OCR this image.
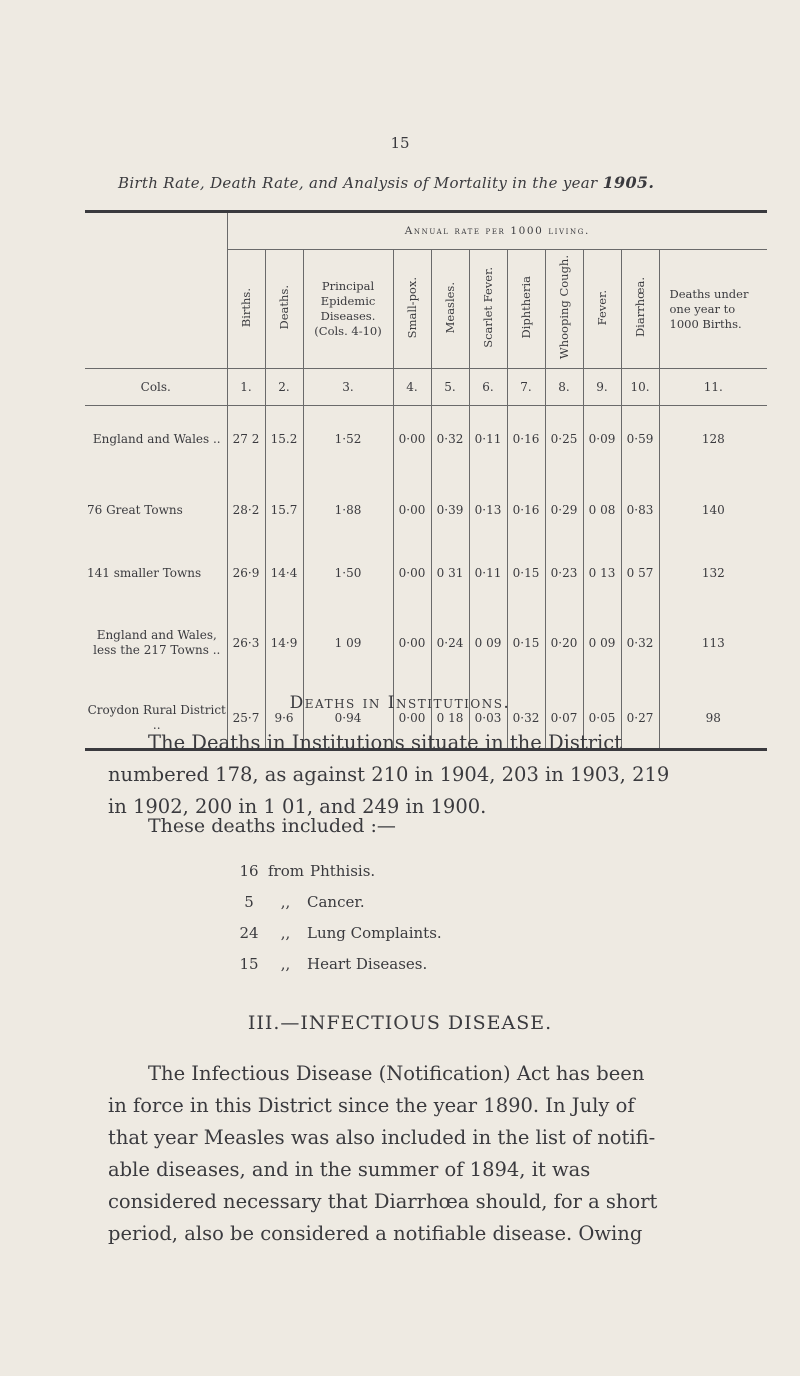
15
Birth Rate, Death Rate, and Analysis of Mortality in the year 1905.
	Annual rate per 1000 living.										
	Births.	Deaths.	Principal Epidemic Diseases. (Cols. 4-10)	Small-pox.	Measles.	Scarlet Fever.	Diphtheria	Whooping Cough.	Fever.	Diarrhœa.	Deaths under one year to 1000 Births.

Cols.	1.	2.	3.	4.	5.	6.	7.	8.	9.	10.	11.
England and Wales ..	27 2	15.2	1·52	0·00	0·32	0·11	0·16	0·25	0·09	0·59	128
76 Great Towns	28·2	15.7	1·88	0·00	0·39	0·13	0·16	0·29	0 08	0·83	140
141 smaller Towns	26·9	14·4	1·50	0·00	0 31	0·11	0·15	0·23	0 13	0 57	132
England and Wales, less the 217 Towns ..	26·3	14·9	1 09	0·00	0·24	0 09	0·15	0·20	0 09	0·32	113
Croydon Rural District ..	25·7	9·6	0·94	0·00	0 18	0·03	0·32	0·07	0·05	0·27	98
Deaths in Institutions.
The Deaths in Institutions situate in the District
numbered 178, as against 210 in 1904, 203 in 1903, 219
in 1902, 200 in 1 01, and 249 in 1900.
These deaths included :—
16 from Phthisis.
5	,,	Cancer.
24	,,	Lung Complaints.
15	,,	Heart Diseases.
III.—INFECTIOUS DISEASE.
The Infectious Disease (Notification) Act has been
in force in this District since the year 1890. In July of
that year Measles was also included in the list of notifi-
able diseases, and in the summer of 1894, it was
considered necessary that Diarrhœa should, for a short
period, also be considered a notifiable disease. Owing
